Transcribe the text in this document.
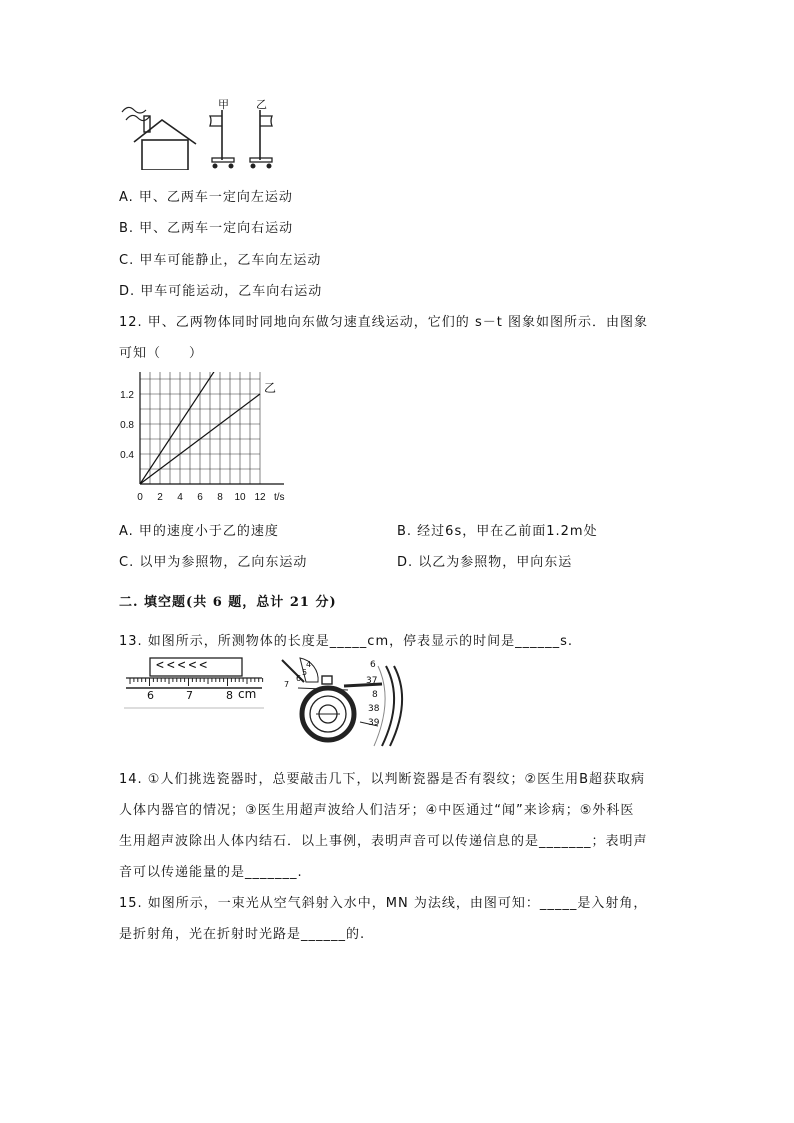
甲 乙
A. 甲、乙两车一定向左运动
B. 甲、乙两车一定向右运动
C. 甲车可能静止，乙车向左运动
D. 甲车可能运动，乙车向右运动
12. 甲、乙两物体同时同地向东做匀速直线运动，它们的 s－t 图象如图所示．由图象
可知（　　）
0 2 4 6 8 10 12
0.4
0.8
1.2
t/s
乙
A. 甲的速度小于乙的速度	B. 经过6s，甲在乙前面1.2m处
C. 以甲为参照物，乙向东运动	D. 以乙为参照物，甲向东运
二. 填空题(共 6 题，总计 21 分)
13. 如图所示，所测物体的长度是_____cm，停表显示的时间是______s.
<<<<<
6	7	8 cm
4
5
6
7
6
37
8
38
39
14. ①人们挑选瓷器时，总要敲击几下，以判断瓷器是否有裂纹；②医生用B超获取病
人体内器官的情况；③医生用超声波给人们洁牙；④中医通过“闻”来诊病；⑤外科医
生用超声波除出人体内结石．以上事例，表明声音可以传递信息的是_______；表明声
音可以传递能量的是_______.
15. 如图所示，一束光从空气斜射入水中，MN 为法线，由图可知：_____是入射角，
是折射角，光在折射时光路是______的.
